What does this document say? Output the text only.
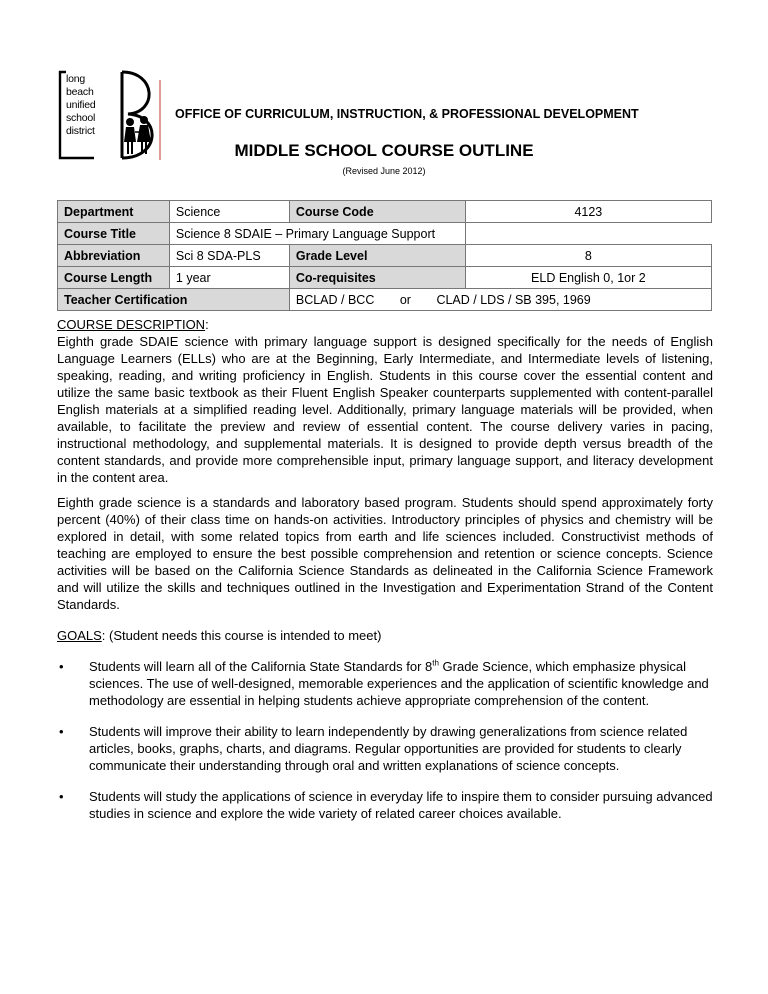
long
beach
unified
school
district
OFFICE OF CURRICULUM, INSTRUCTION, & PROFESSIONAL DEVELOPMENT
MIDDLE SCHOOL COURSE OUTLINE
(Revised June 2012)
Department	Science	Course Code	4123
Course Title	Science 8 SDAIE – Primary Language Support		
Abbreviation	Sci 8 SDA-PLS	Grade Level	8
Course Length	1 year	Co-requisites	ELD English 0, 1or 2
Teacher Certification		BCLAD / BCC or CLAD / LDS / SB 395, 1969	
COURSE DESCRIPTION:
Eighth grade SDAIE science with primary language support is designed specifically for the needs of English Language Learners (ELLs) who are at the Beginning, Early Intermediate, and Intermediate levels of listening, speaking, reading, and writing proficiency in English. Students in this course cover the essential content and utilize the same basic textbook as their Fluent English Speaker counterparts supplemented with content-parallel English materials at a simplified reading level. Additionally, primary language materials will be provided, when available, to facilitate the preview and review of essential content. The course delivery varies in pacing, instructional methodology, and supplemental materials. It is designed to provide depth versus breadth of the content standards, and provide more comprehensible input, primary language support, and literacy development in the content area.
Eighth grade science is a standards and laboratory based program. Students should spend approximately forty percent (40%) of their class time on hands-on activities. Introductory principles of physics and chemistry will be explored in detail, with some related topics from earth and life sciences included. Constructivist methods of teaching are employed to ensure the best possible comprehension and retention or science concepts. Science activities will be based on the California Science Standards as delineated in the California Science Framework and will utilize the skills and techniques outlined in the Investigation and Experimentation Strand of the Content Standards.
GOALS: (Student needs this course is intended to meet)
• Students will learn all of the California State Standards for 8th Grade Science, which emphasize physical sciences. The use of well-designed, memorable experiences and the application of scientific knowledge and methodology are essential in helping students achieve appropriate comprehension of the content.
• Students will improve their ability to learn independently by drawing generalizations from science related articles, books, graphs, charts, and diagrams. Regular opportunities are provided for students to clearly communicate their understanding through oral and written explanations of science concepts.
• Students will study the applications of science in everyday life to inspire them to consider pursuing advanced studies in science and explore the wide variety of related career choices available.
